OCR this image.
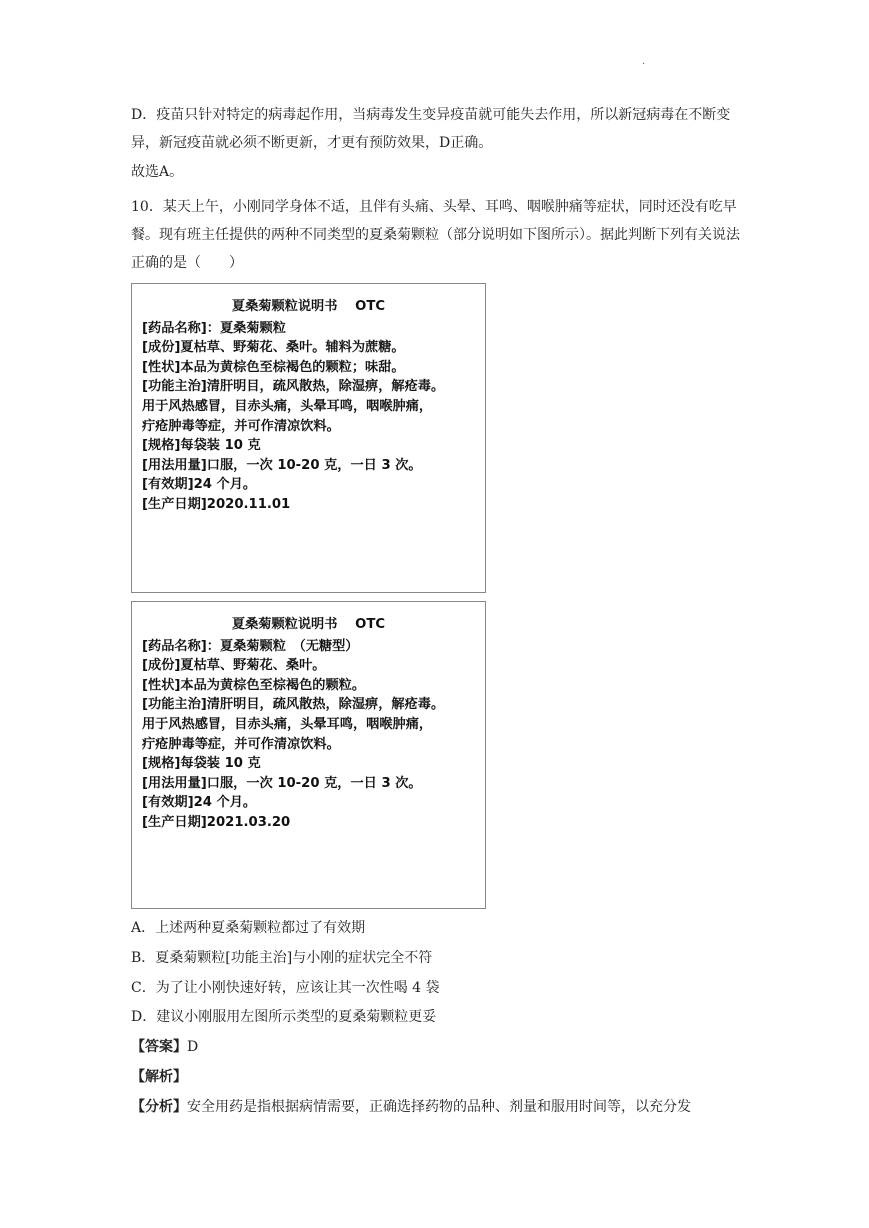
.

D．疫苗只针对特定的病毒起作用，当病毒发生变异疫苗就可能失去作用，所以新冠病毒在不断变异，新冠疫苗就必须不断更新，才更有预防效果，D正确。

故选A。

10．某天上午，小刚同学身体不适，且伴有头痛、头晕、耳鸣、咽喉肿痛等症状，同时还没有吃早餐。现有班主任提供的两种不同类型的夏桑菊颗粒（部分说明如下图所示）。据此判断下列有关说法正确的是（　　）

夏桑菊颗粒说明书　 OTC
[药品名称]：夏桑菊颗粒
[成份]夏枯草、野菊花、桑叶。辅料为蔗糖。
[性状]本品为黄棕色至棕褐色的颗粒；味甜。
[功能主治]清肝明目，疏风散热，除湿痹，解疮毒。
用于风热感冒，目赤头痛，头晕耳鸣，咽喉肿痛，
疔疮肿毒等症，并可作清凉饮料。
[规格]每袋装 10 克
[用法用量]口服，一次 10-20 克，一日 3 次。
[有效期]24 个月。
[生产日期]2020.11.01
夏桑菊颗粒说明书　 OTC
[药品名称]：夏桑菊颗粒　（无糖型）
[成份]夏枯草、野菊花、桑叶。
[性状]本品为黄棕色至棕褐色的颗粒。
[功能主治]清肝明目，疏风散热，除湿痹，解疮毒。
用于风热感冒，目赤头痛，头晕耳鸣，咽喉肿痛，
疔疮肿毒等症，并可作清凉饮料。
[规格]每袋装 10 克
[用法用量]口服，一次 10-20 克，一日 3 次。
[有效期]24 个月。
[生产日期]2021.03.20
A．上述两种夏桑菊颗粒都过了有效期
B．夏桑菊颗粒[功能主治]与小刚的症状完全不符
C．为了让小刚快速好转，应该让其一次性喝 4 袋
D．建议小刚服用左图所示类型的夏桑菊颗粒更妥
【答案】D
【解析】
【分析】安全用药是指根据病情需要，正确选择药物的品种、剂量和服用时间等，以充分发
